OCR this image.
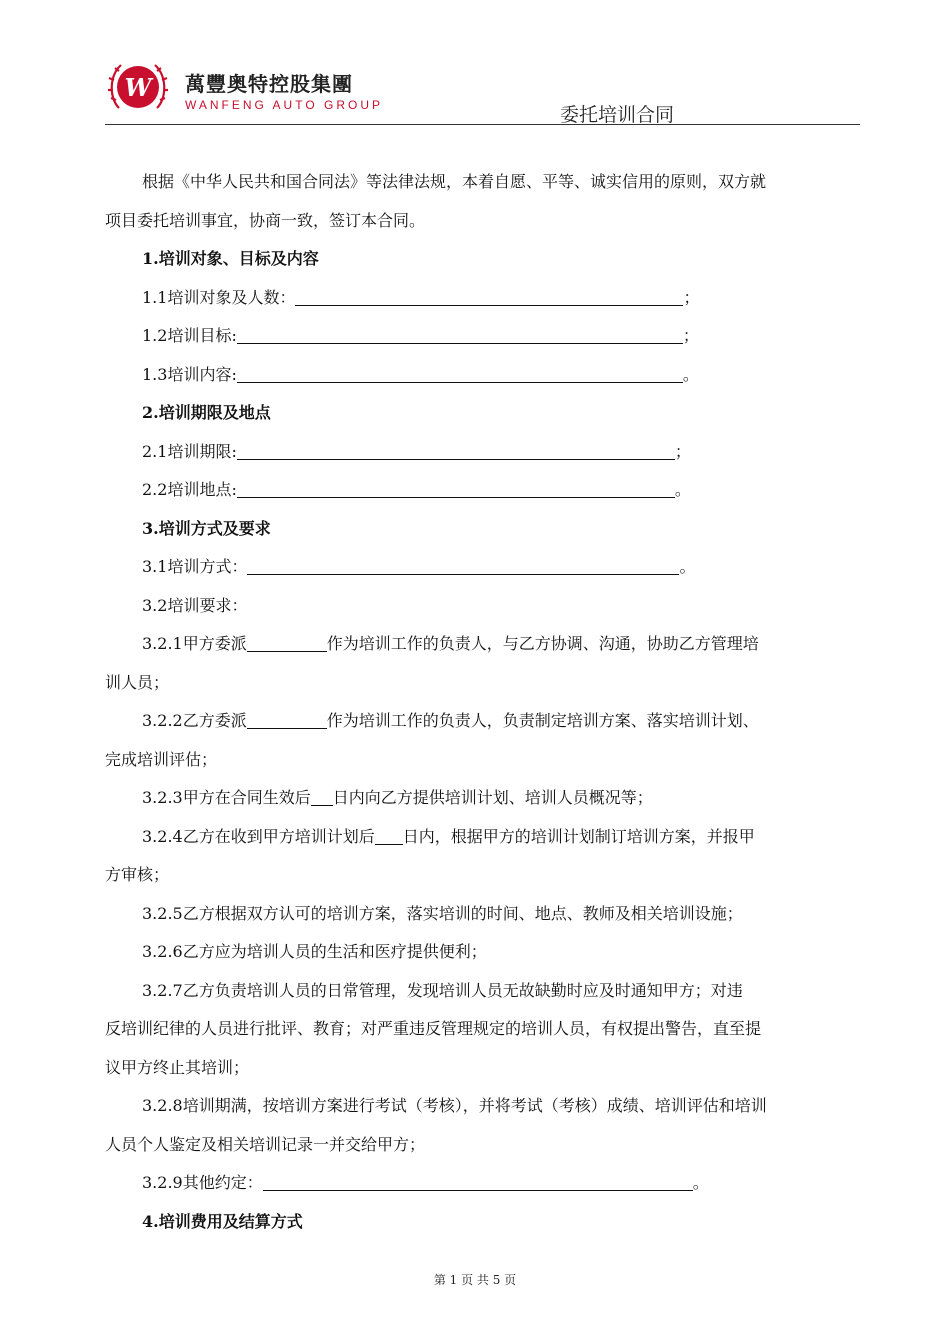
W 萬豐奥特控股集團
WANFENG AUTO GROUP	委托培训合同

根据《中华人民共和国合同法》等法律法规，本着自愿、平等、诚实信用的原则，双方就

项目委托培训事宜，协商一致，签订本合同。

1.培训对象、目标及内容

1.1培训对象及人数：	；

1.2培训目标:	；

1.3培训内容:	。

2.培训期限及地点

2.1培训期限:	；

2.2培训地点:	。

3.培训方式及要求

3.1培训方式：	。

3.2培训要求：

3.2.1甲方委派	作为培训工作的负责人，与乙方协调、沟通，协助乙方管理培

训人员；

3.2.2乙方委派	作为培训工作的负责人，负责制定培训方案、落实培训计划、

完成培训评估；

3.2.3甲方在合同生效后 日内向乙方提供培训计划、培训人员概况等；

3.2.4乙方在收到甲方培训计划后 日内，根据甲方的培训计划制订培训方案，并报甲

方审核；

3.2.5乙方根据双方认可的培训方案，落实培训的时间、地点、教师及相关培训设施；

3.2.6乙方应为培训人员的生活和医疗提供便利；

3.2.7乙方负责培训人员的日常管理，发现培训人员无故缺勤时应及时通知甲方；对违

反培训纪律的人员进行批评、教育；对严重违反管理规定的培训人员，有权提出警告，直至提

议甲方终止其培训；

3.2.8培训期满，按培训方案进行考试（考核），并将考试（考核）成绩、培训评估和培训

人员个人鉴定及相关培训记录一并交给甲方；

3.2.9其他约定：	。

4.培训费用及结算方式

第 1 页 共 5 页
